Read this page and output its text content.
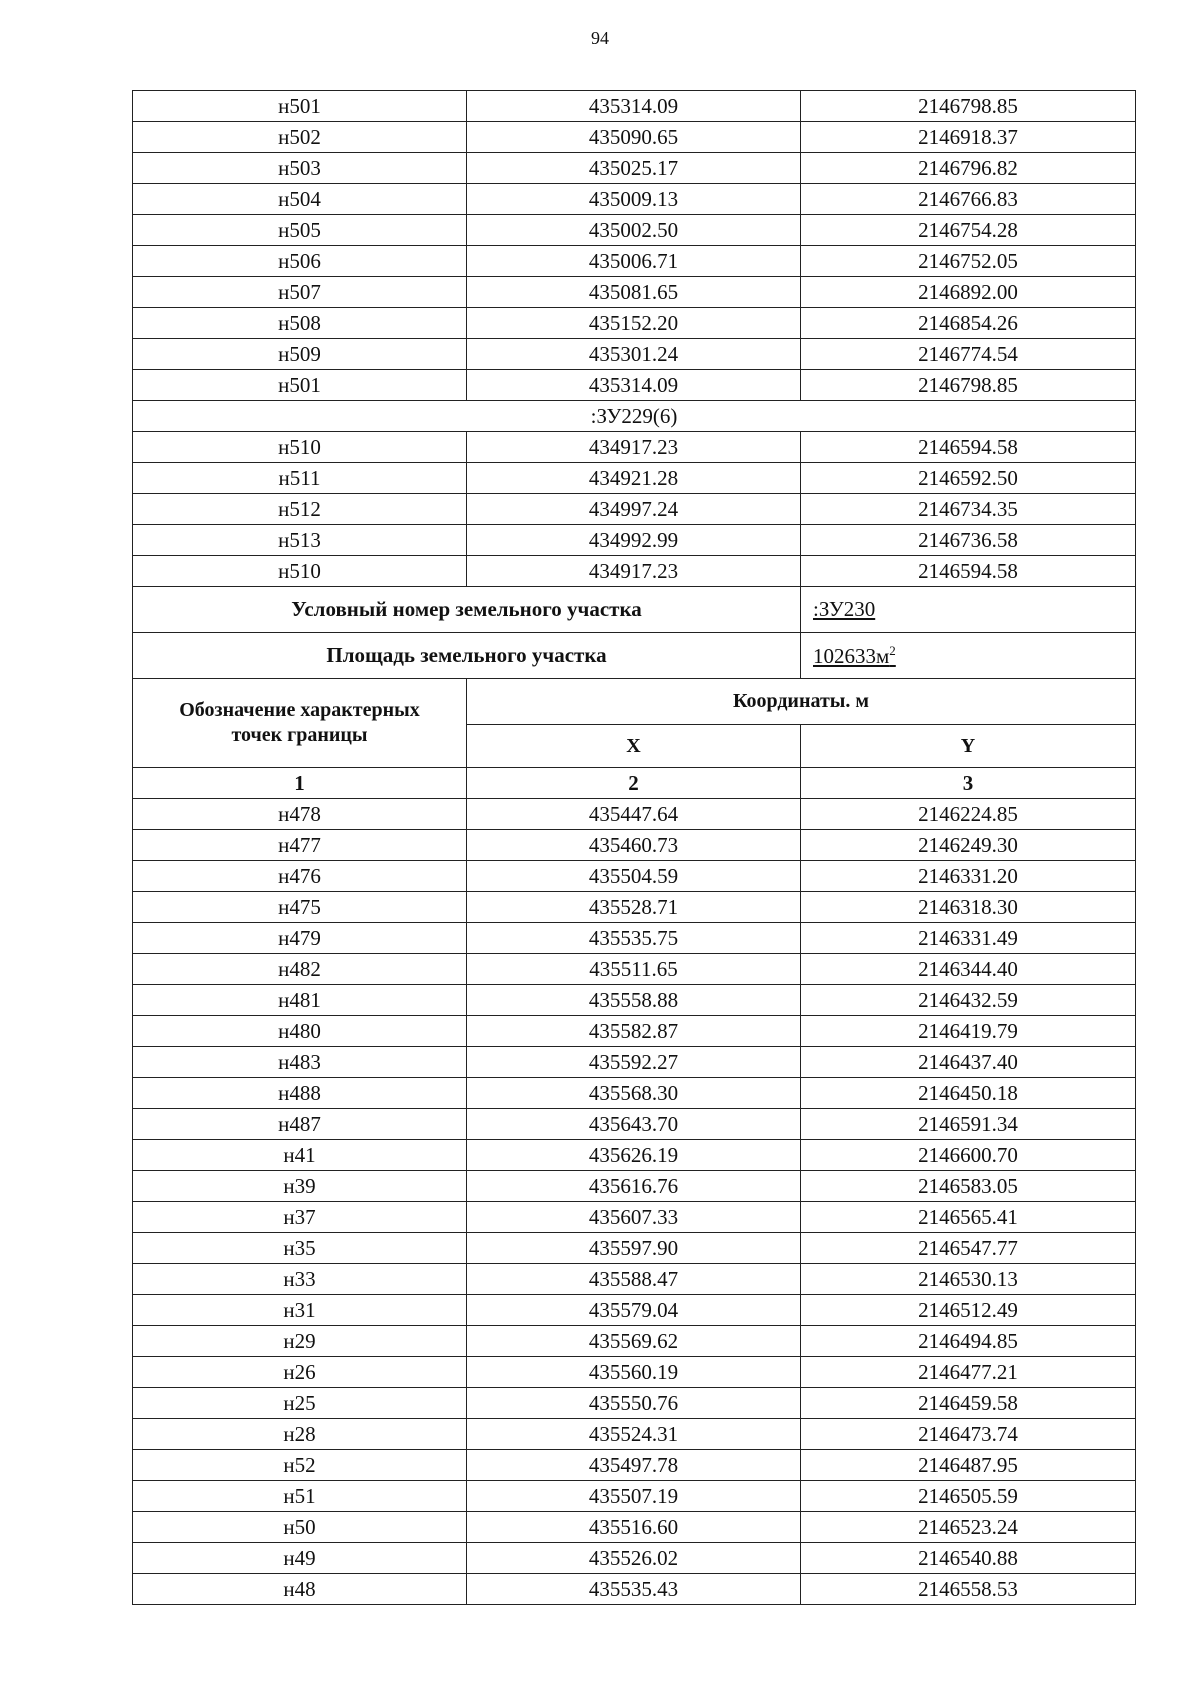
94
н501	435314.09	2146798.85
н502	435090.65	2146918.37
н503	435025.17	2146796.82
н504	435009.13	2146766.83
н505	435002.50	2146754.28
н506	435006.71	2146752.05
н507	435081.65	2146892.00
н508	435152.20	2146854.26
н509	435301.24	2146774.54
н501	435314.09	2146798.85
:ЗУ229(6)		
н510	434917.23	2146594.58
н511	434921.28	2146592.50
н512	434997.24	2146734.35
н513	434992.99	2146736.58
н510	434917.23	2146594.58
Условный номер земельного участка		:ЗУ230
Площадь земельного участка		$102633м^2$

Обозначение характерных точек границы	Координаты. м	
	X	Y
1	2	3
н478	435447.64	2146224.85
н477	435460.73	2146249.30
н476	435504.59	2146331.20
н475	435528.71	2146318.30
н479	435535.75	2146331.49
н482	435511.65	2146344.40
н481	435558.88	2146432.59
н480	435582.87	2146419.79
н483	435592.27	2146437.40
н488	435568.30	2146450.18
н487	435643.70	2146591.34
н41	435626.19	2146600.70
н39	435616.76	2146583.05
н37	435607.33	2146565.41
н35	435597.90	2146547.77
н33	435588.47	2146530.13
н31	435579.04	2146512.49
н29	435569.62	2146494.85
н26	435560.19	2146477.21
н25	435550.76	2146459.58
н28	435524.31	2146473.74
н52	435497.78	2146487.95
н51	435507.19	2146505.59
н50	435516.60	2146523.24
н49	435526.02	2146540.88
н48	435535.43	2146558.53
